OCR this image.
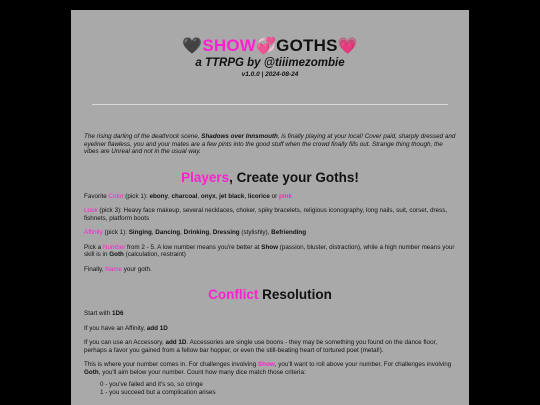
🖤SHOW💞GOTHS💗
a TTRPG by @tiiimezombie
v1.0.0 | 2024-08-24

The rising darling of the deathrock scene, Shadows over Innsmouth, is finally playing at your local! Cover paid, sharply dressed and eyeliner flawless, you and your mates are a few pints into the good stuff when the crowd finally fills out. Strange thing though, the vibes are Unreal and not in the usual way.

Players, Create your Goths!

Favorite Color (pick 1): ebony, charcoal, onyx, jet black, licorice or pink

Look (pick 3): Heavy face makeup, several necklaces, choker, spiky bracelets, religious iconography, long nails, suit, corset, dress, fishnets, platform boots

Affinity (pick 1): Singing, Dancing, Drinking, Dressing (stylishly), Befriending

Pick a Number from 2 - 5. A low number means you're better at Show (passion, bluster, distraction), while a high number means your skill is in Goth (calculation, restraint)

Finally, Name your goth.

Conflict Resolution

Start with 1D6

If you have an Affinity, add 1D

If you can use an Accessory, add 1D. Accessories are single use boons - they may be something you found on the dance floor, perhaps a favor you gained from a fellow bar hopper, or even the still-beating heart of tortured poet (metal!).

This is where your number comes in. For challenges involving Show, you'll want to roll above your number. For challenges involving Goth, you'll aim below your number. Count how many dice match those criteria:

0 - you've failed and it's so, so cringe
1 - you succeed but a complication arises
